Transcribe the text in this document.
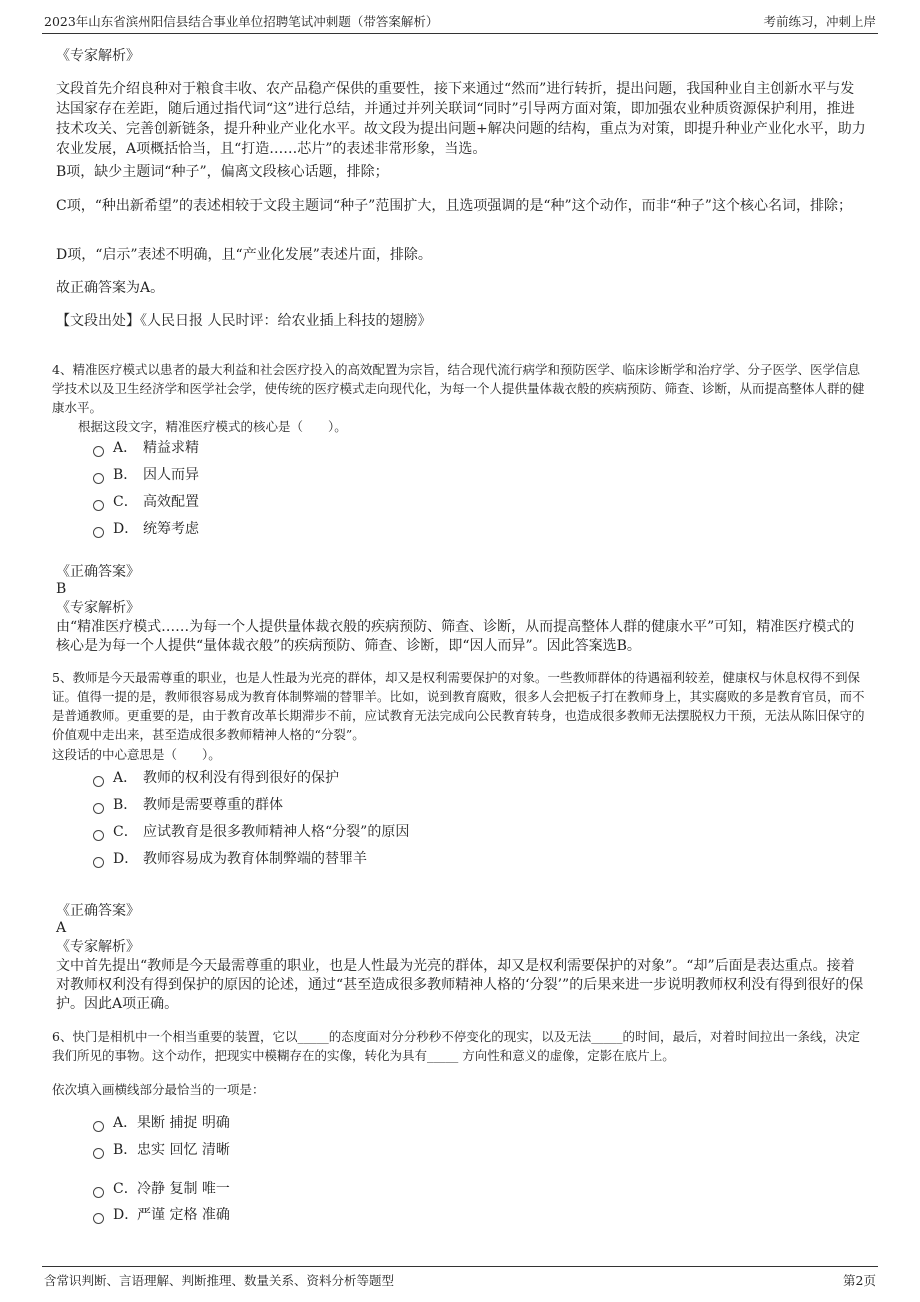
2023年山东省滨州阳信县结合事业单位招聘笔试冲刺题（带答案解析）	考前练习，冲刺上岸
《专家解析》
文段首先介绍良种对于粮食丰收、农产品稳产保供的重要性，接下来通过“然而”进行转折，提出问题，我国种业自主创新水平与发达国家存在差距，随后通过指代词“这”进行总结，并通过并列关联词“同时”引导两方面对策，即加强农业种质资源保护利用，推进技术攻关、完善创新链条，提升种业产业化水平。故文段为提出问题+解决问题的结构，重点为对策，即提升种业产业化水平，助力农业发展，A项概括恰当，且“打造……芯片”的表述非常形象，当选。
B项，缺少主题词“种子”，偏离文段核心话题，排除；
C项，“种出新希望”的表述相较于文段主题词“种子”范围扩大，且选项强调的是“种”这个动作，而非“种子”这个核心名词，排除；
D项，“启示”表述不明确，且“产业化发展”表述片面，排除。
故正确答案为A。
【文段出处】《人民日报 人民时评：给农业插上科技的翅膀》
4、精准医疗模式以患者的最大利益和社会医疗投入的高效配置为宗旨，结合现代流行病学和预防医学、临床诊断学和治疗学、分子医学、医学信息学技术以及卫生经济学和医学社会学，使传统的医疗模式走向现代化，为每一个人提供量体裁衣般的疾病预防、筛查、诊断，从而提高整体人群的健康水平。
根据这段文字，精准医疗模式的核心是（　　）。
A． 精益求精
B． 因人而异
C． 高效配置
D． 统筹考虑
《正确答案》
B
《专家解析》
由“精准医疗模式……为每一个人提供量体裁衣般的疾病预防、筛查、诊断，从而提高整体人群的健康水平”可知，精准医疗模式的核心是为每一个人提供“量体裁衣般”的疾病预防、筛查、诊断，即“因人而异”。因此答案选B。
5、教师是今天最需尊重的职业，也是人性最为光亮的群体，却又是权利需要保护的对象。一些教师群体的待遇福利较差，健康权与休息权得不到保证。值得一提的是，教师很容易成为教育体制弊端的替罪羊。比如，说到教育腐败，很多人会把板子打在教师身上，其实腐败的多是教育官员，而不是普通教师。更重要的是，由于教育改革长期滞步不前，应试教育无法完成向公民教育转身，也造成很多教师无法摆脱权力干预，无法从陈旧保守的价值观中走出来，甚至造成很多教师精神人格的“分裂”。
这段话的中心意思是（　　）。
A． 教师的权利没有得到很好的保护
B． 教师是需要尊重的群体
C． 应试教育是很多教师精神人格“分裂”的原因
D． 教师容易成为教育体制弊端的替罪羊
《正确答案》
A
《专家解析》
文中首先提出“教师是今天最需尊重的职业，也是人性最为光亮的群体，却又是权利需要保护的对象”。“却”后面是表达重点。接着对教师权利没有得到保护的原因的论述，通过“甚至造成很多教师精神人格的‘分裂’”的后果来进一步说明教师权利没有得到很好的保护。因此A项正确。
6、快门是相机中一个相当重要的装置，它以_____的态度面对分分秒秒不停变化的现实，以及无法_____的时间，最后，对着时间拉出一条线，决定我们所见的事物。这个动作，把现实中模糊存在的实像，转化为具有_____ 方向性和意义的虚像，定影在底片上。
依次填入画横线部分最恰当的一项是：
A． 果断 捕捉 明确
B． 忠实 回忆 清晰
C． 冷静 复制 唯一
D．
严谨 定格 准确
含常识判断、言语理解、判断推理、数量关系、资料分析等题型	第2页
